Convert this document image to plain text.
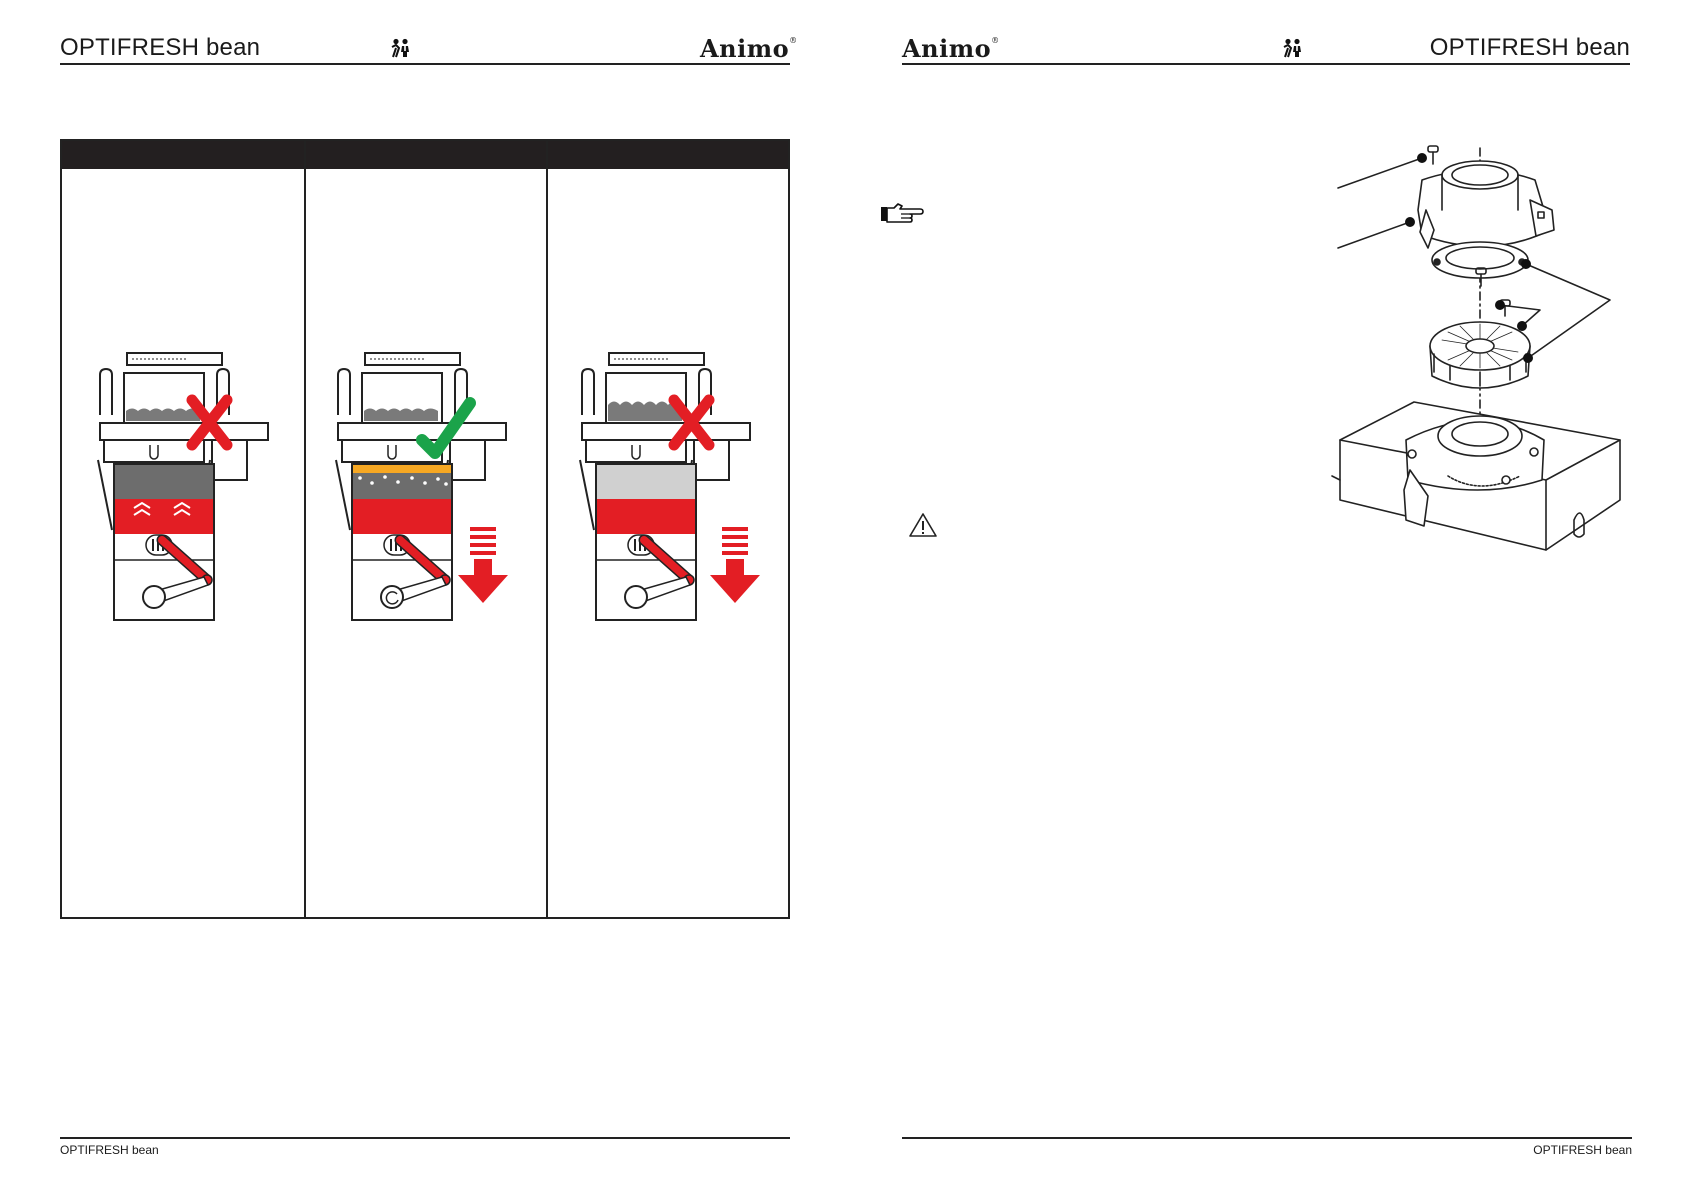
OPTIFRESH bean	Animo®
OPTIFRESH bean
Animo®	OPTIFRESH bean
OPTIFRESH bean
